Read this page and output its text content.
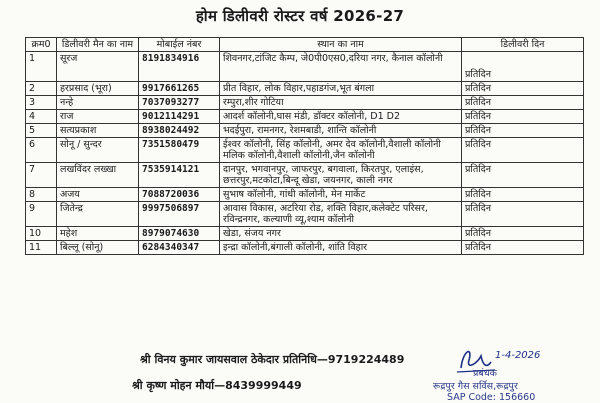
होम डिलीवरी रोस्टर वर्ष 2026-27
क्रम0	डिलीवरी मैन का नाम	मोबाईल नंबर	स्थान का नाम	डिलीवरी दिन
1	सूरज	8191834916	शिवनगर,टांजिट कैम्प, जे0पी0एस0,दरिया नगर, कैनाल कॉलोनी	प्रतिदिन
2	हरप्रसाद (भूरा)	9917661265	प्रीत विहार, लोक विहार,पहाडगंज,भूत बंगला	प्रतिदिन
3	नन्हे	7037093277	रम्पुरा,शीर गोटिया	प्रतिदिन
4	राज	9012114291	आदर्श कॉलोनी,घास मंडी, डॉक्टर कॉलोनी, D1 D2	प्रतिदिन
5	सत्यप्रकाश	8938024492	भदईपुरा, रामनगर, रेशमबाडी, शान्ति कॉलोनी	प्रतिदिन
6	सोनू / सुन्दर	7351580479	ईश्वर कॉलोनी, सिंह कॉलोनी, अमर देव कॉलोनी,वैशाली कॉलोनी मलिक कॉलोनी,वैशाली कॉलोनी,जैन कॉलोनी	प्रतिदिन
7	लखविंदर लख्खा	7535914121	दानपुर, भगवानपुर, जाफरपुर, बगवाला, किरतपुर, एलाइंस, छत्तरपुर,मटकोटा,बिन्दू खेडा, जयनगर, काली नगर	प्रतिदिन
8	अजय	7088720036	सुभाष कॉलोनी, गांधी कॉलोनी, मेन मार्केट	प्रतिदिन
9	जितेन्द्र	9997506897	आवास विकास, अटरिया रोड, शक्ति विहार,कलेक्टेट परिसर, रविन्द्रनगर, कल्याणी व्यू,श्याम कॉलोनी	प्रतिदिन
10	महेश	8979074630	खेडा, संजय नगर	प्रतिदिन
11	बिल्लू (सोनू)	6284340347	इन्द्रा कॉलोनी,बंगाली कॉलोनी, शांति विहार	प्रतिदिन
श्री विनय कुमार जायसवाल ठेकेदार प्रतिनिधि—9719224489
श्री कृष्ण मोहन मौर्या—8439999449
1-4-2026
प्रबंधक
रूद्रपुर गैस सर्विस,रूद्रपुर
SAP Code: 156660
